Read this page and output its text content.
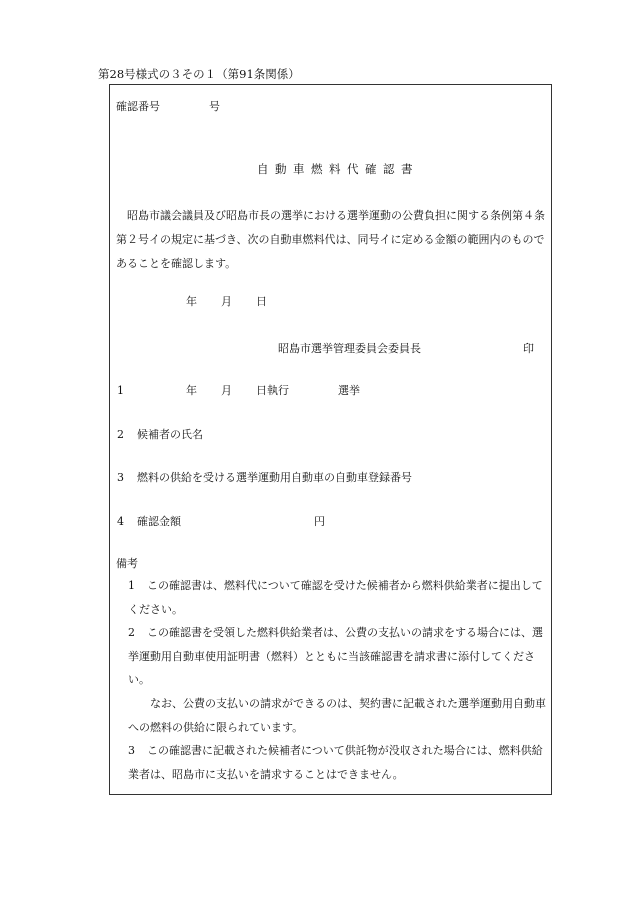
第28号様式の３その１（第91条関係）
確認番号	号
自動車燃料代確認書
昭島市議会議員及び昭島市長の選挙における選挙運動の公費負担に関する条例第４条第２号イの規定に基づき、次の自動車燃料代は、同号イに定める金額の範囲内のものであることを確認します。
年 月 日
昭島市選挙管理委員会委員長	印
1	年 月 日執行	選挙
2 候補者の氏名
3 燃料の供給を受ける選挙運動用自動車の自動車登録番号
4 確認金額	円
備考
1 この確認書は、燃料代について確認を受けた候補者から燃料供給業者に提出してください。
2 この確認書を受領した燃料供給業者は、公費の支払いの請求をする場合には、選挙運動用自動車使用証明書（燃料）とともに当該確認書を請求書に添付してください。
なお、公費の支払いの請求ができるのは、契約書に記載された選挙運動用自動車への燃料の供給に限られています。
3 この確認書に記載された候補者について供託物が没収された場合には、燃料供給業者は、昭島市に支払いを請求することはできません。
